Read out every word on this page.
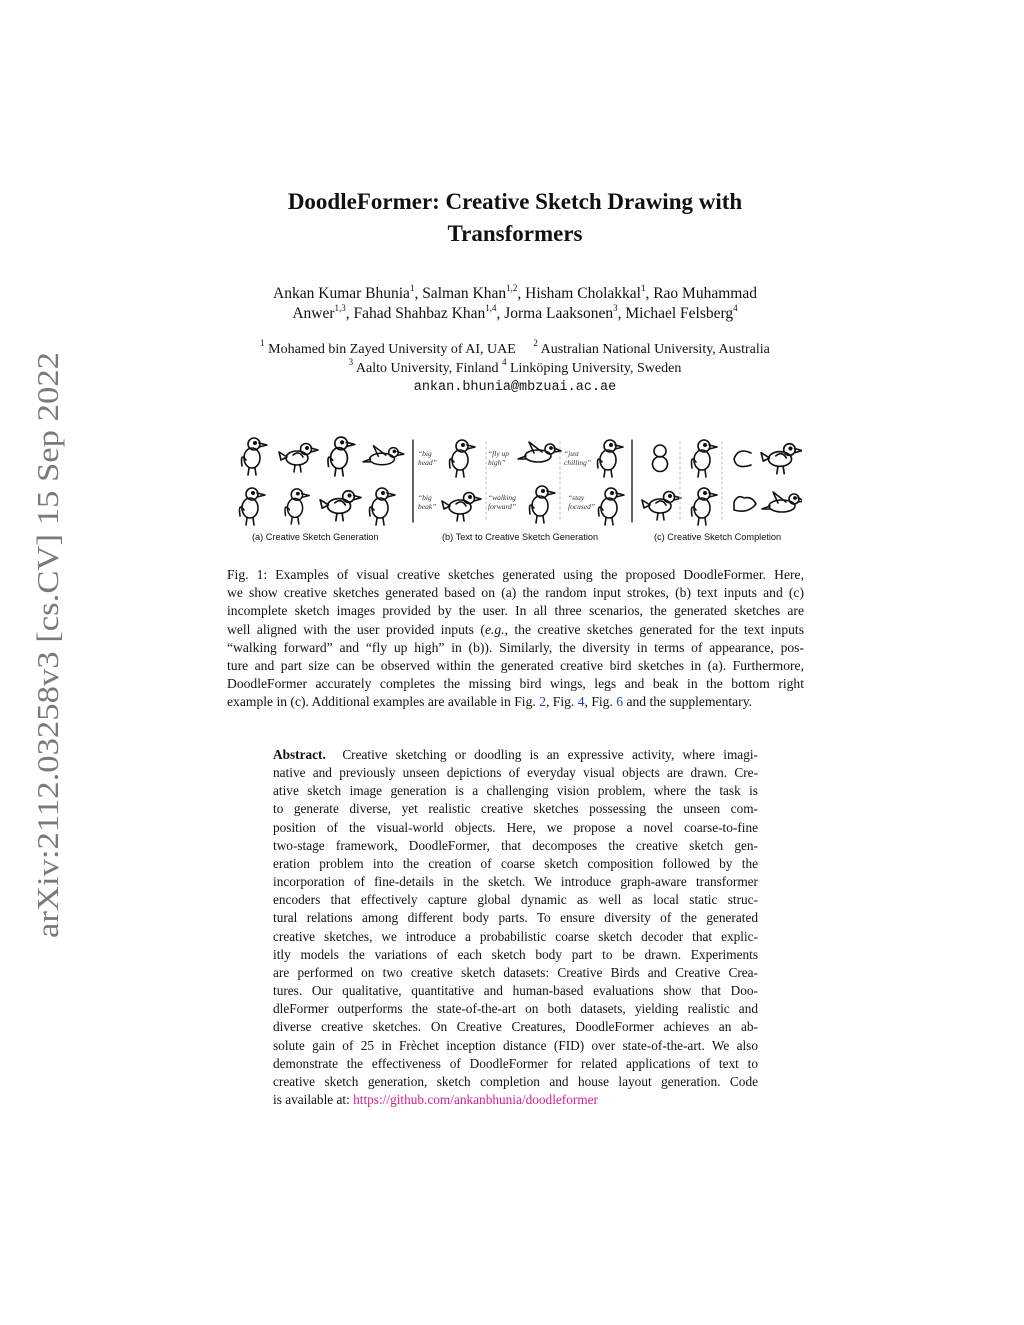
arXiv:2112.03258v3 [cs.CV] 15 Sep 2022
DoodleFormer: Creative Sketch Drawing with
Transformers
Ankan Kumar Bhunia$^1$, Salman Khan$^{1,2}$, Hisham Cholakkal$^1$, Rao Muhammad
Anwer$^{1,3}$, Fahad Shahbaz Khan$^{1,4}$, Jorma Laaksonen$^3$, Michael Felsberg$^4$
$^1$ Mohamed bin Zayed University of AI, UAE $^2$ Australian National University, Australia
$^3$ Aalto University, Finland $^4$ Linköping University, Sweden
ankan.bhunia@mbzuai.ac.ae
“big head”
“fly up high”
“just chilling”
“big beak”
“walking forward”
“stay focused”
(a) Creative Sketch Generation	(b) Text to Creative Sketch Generation	(c) Creative Sketch Completion
Fig. 1: Examples of visual creative sketches generated using the proposed DoodleFormer. Here,
we show creative sketches generated based on (a) the random input strokes, (b) text inputs and (c)
incomplete sketch images provided by the user. In all three scenarios, the generated sketches are
well aligned with the user provided inputs (e.g., the creative sketches generated for the text inputs
“walking forward” and “fly up high” in (b)). Similarly, the diversity in terms of appearance, pos-
ture and part size can be observed within the generated creative bird sketches in (a). Furthermore,
DoodleFormer accurately completes the missing bird wings, legs and beak in the bottom right
example in (c). Additional examples are available in Fig. 2, Fig. 4, Fig. 6 and the supplementary.
Abstract. Creative sketching or doodling is an expressive activity, where imagi-
native and previously unseen depictions of everyday visual objects are drawn. Cre-
ative sketch image generation is a challenging vision problem, where the task is
to generate diverse, yet realistic creative sketches possessing the unseen com-
position of the visual-world objects. Here, we propose a novel coarse-to-fine
two-stage framework, DoodleFormer, that decomposes the creative sketch gen-
eration problem into the creation of coarse sketch composition followed by the
incorporation of fine-details in the sketch. We introduce graph-aware transformer
encoders that effectively capture global dynamic as well as local static struc-
tural relations among different body parts. To ensure diversity of the generated
creative sketches, we introduce a probabilistic coarse sketch decoder that explic-
itly models the variations of each sketch body part to be drawn. Experiments
are performed on two creative sketch datasets: Creative Birds and Creative Crea-
tures. Our qualitative, quantitative and human-based evaluations show that Doo-
dleFormer outperforms the state-of-the-art on both datasets, yielding realistic and
diverse creative sketches. On Creative Creatures, DoodleFormer achieves an ab-
solute gain of 25 in Frèchet inception distance (FID) over state-of-the-art. We also
demonstrate the effectiveness of DoodleFormer for related applications of text to
creative sketch generation, sketch completion and house layout generation. Code
is available at: https://github.com/ankanbhunia/doodleformer
